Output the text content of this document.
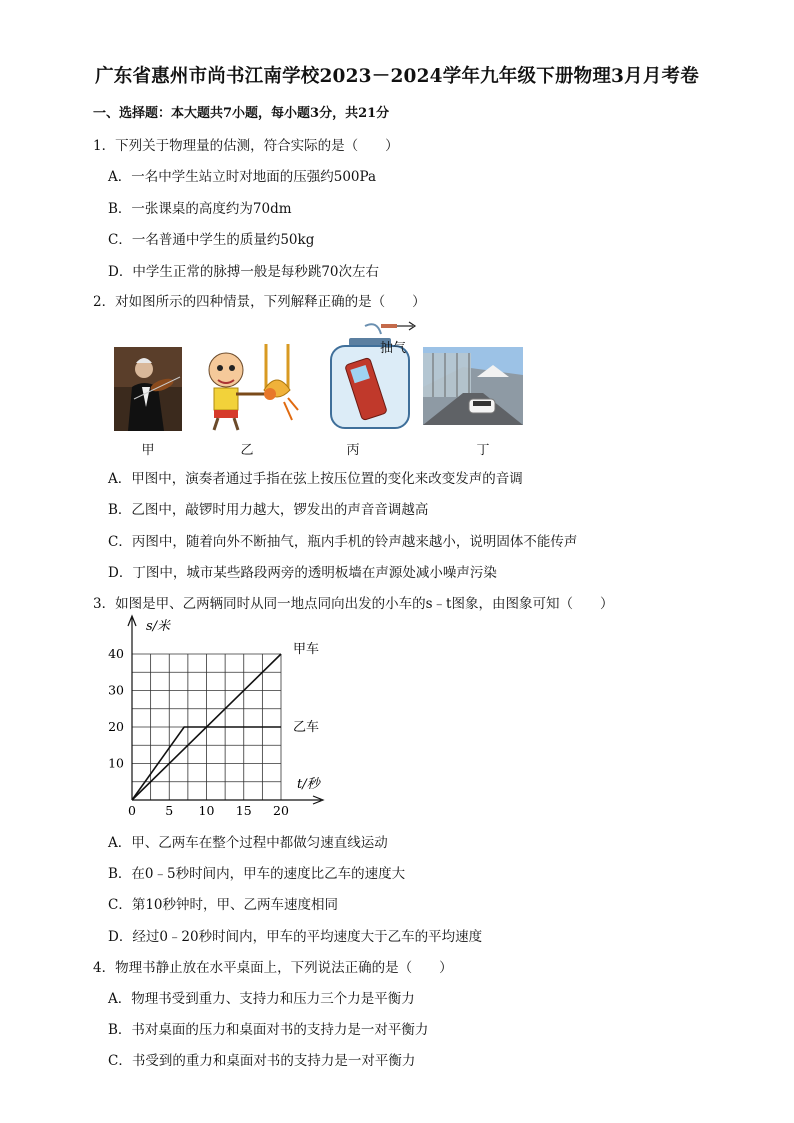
广东省惠州市尚书江南学校2023－2024学年九年级下册物理3月月考卷
一、选择题：本大题共7小题，每小题3分，共21分
1．下列关于物理量的估测，符合实际的是（　　）
A．一名中学生站立时对地面的压强约500Pa
B．一张课桌的高度约为70dm
C．一名普通中学生的质量约50kg
D．中学生正常的脉搏一般是每秒跳70次左右
2．对如图所示的四种情景，下列解释正确的是（　　）
甲	乙
抽气
丙	丁
A．甲图中，演奏者通过手指在弦上按压位置的变化来改变发声的音调
B．乙图中，敲锣时用力越大，锣发出的声音音调越高
C．丙图中，随着向外不断抽气，瓶内手机的铃声越来越小，说明固体不能传声
D．丁图中，城市某些路段两旁的透明板墙在声源处减小噪声污染
3．如图是甲、乙两辆同时从同一地点同向出发的小车的s﹣t图象，由图象可知（　　）
s/米
t/秒
0 5 10 15 20
10
20
30
40	甲车
乙车
A．甲、乙两车在整个过程中都做匀速直线运动
B．在0﹣5秒时间内，甲车的速度比乙车的速度大
C．第10秒钟时，甲、乙两车速度相同
D．经过0﹣20秒时间内，甲车的平均速度大于乙车的平均速度
4．物理书静止放在水平桌面上，下列说法正确的是（　　）
A．物理书受到重力、支持力和压力三个力是平衡力
B．书对桌面的压力和桌面对书的支持力是一对平衡力
C．书受到的重力和桌面对书的支持力是一对平衡力
